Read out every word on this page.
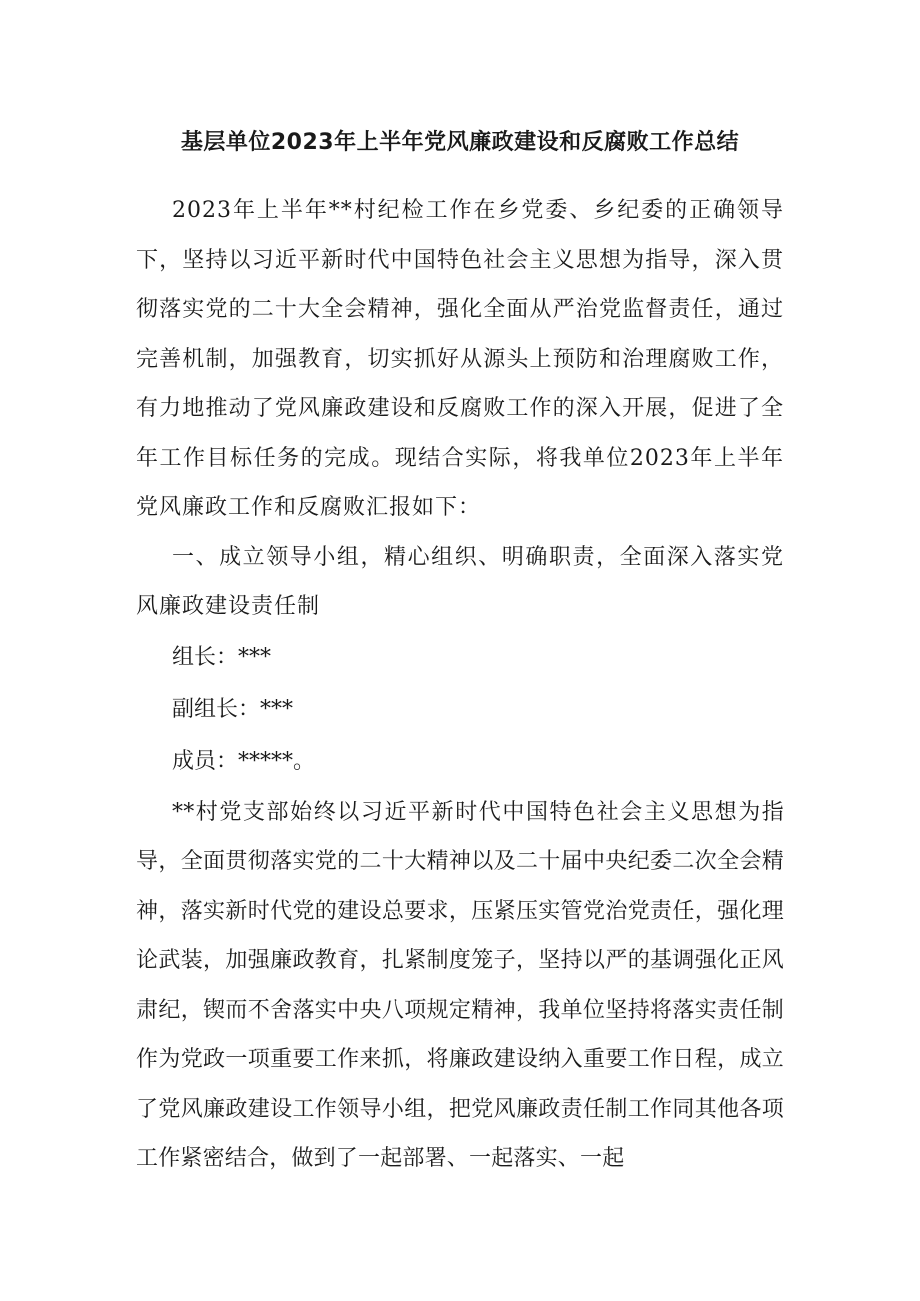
基层单位2023年上半年党风廉政建设和反腐败工作总结

2023年上半年**村纪检工作在乡党委、乡纪委的正确领导下，坚持以习近平新时代中国特色社会主义思想为指导，深入贯彻落实党的二十大全会精神，强化全面从严治党监督责任，通过完善机制，加强教育，切实抓好从源头上预防和治理腐败工作，有力地推动了党风廉政建设和反腐败工作的深入开展，促进了全年工作目标任务的完成。现结合实际，将我单位2023年上半年党风廉政工作和反腐败汇报如下：

一、成立领导小组，精心组织、明确职责，全面深入落实党风廉政建设责任制

组长：***

副组长：***

成员：*****。

**村党支部始终以习近平新时代中国特色社会主义思想为指导，全面贯彻落实党的二十大精神以及二十届中央纪委二次全会精神，落实新时代党的建设总要求，压紧压实管党治党责任，强化理论武装，加强廉政教育，扎紧制度笼子，坚持以严的基调强化正风肃纪，锲而不舍落实中央八项规定精神，我单位坚持将落实责任制作为党政一项重要工作来抓，将廉政建设纳入重要工作日程，成立了党风廉政建设工作领导小组，把党风廉政责任制工作同其他各项工作紧密结合，做到了一起部署、一起落实、一起
